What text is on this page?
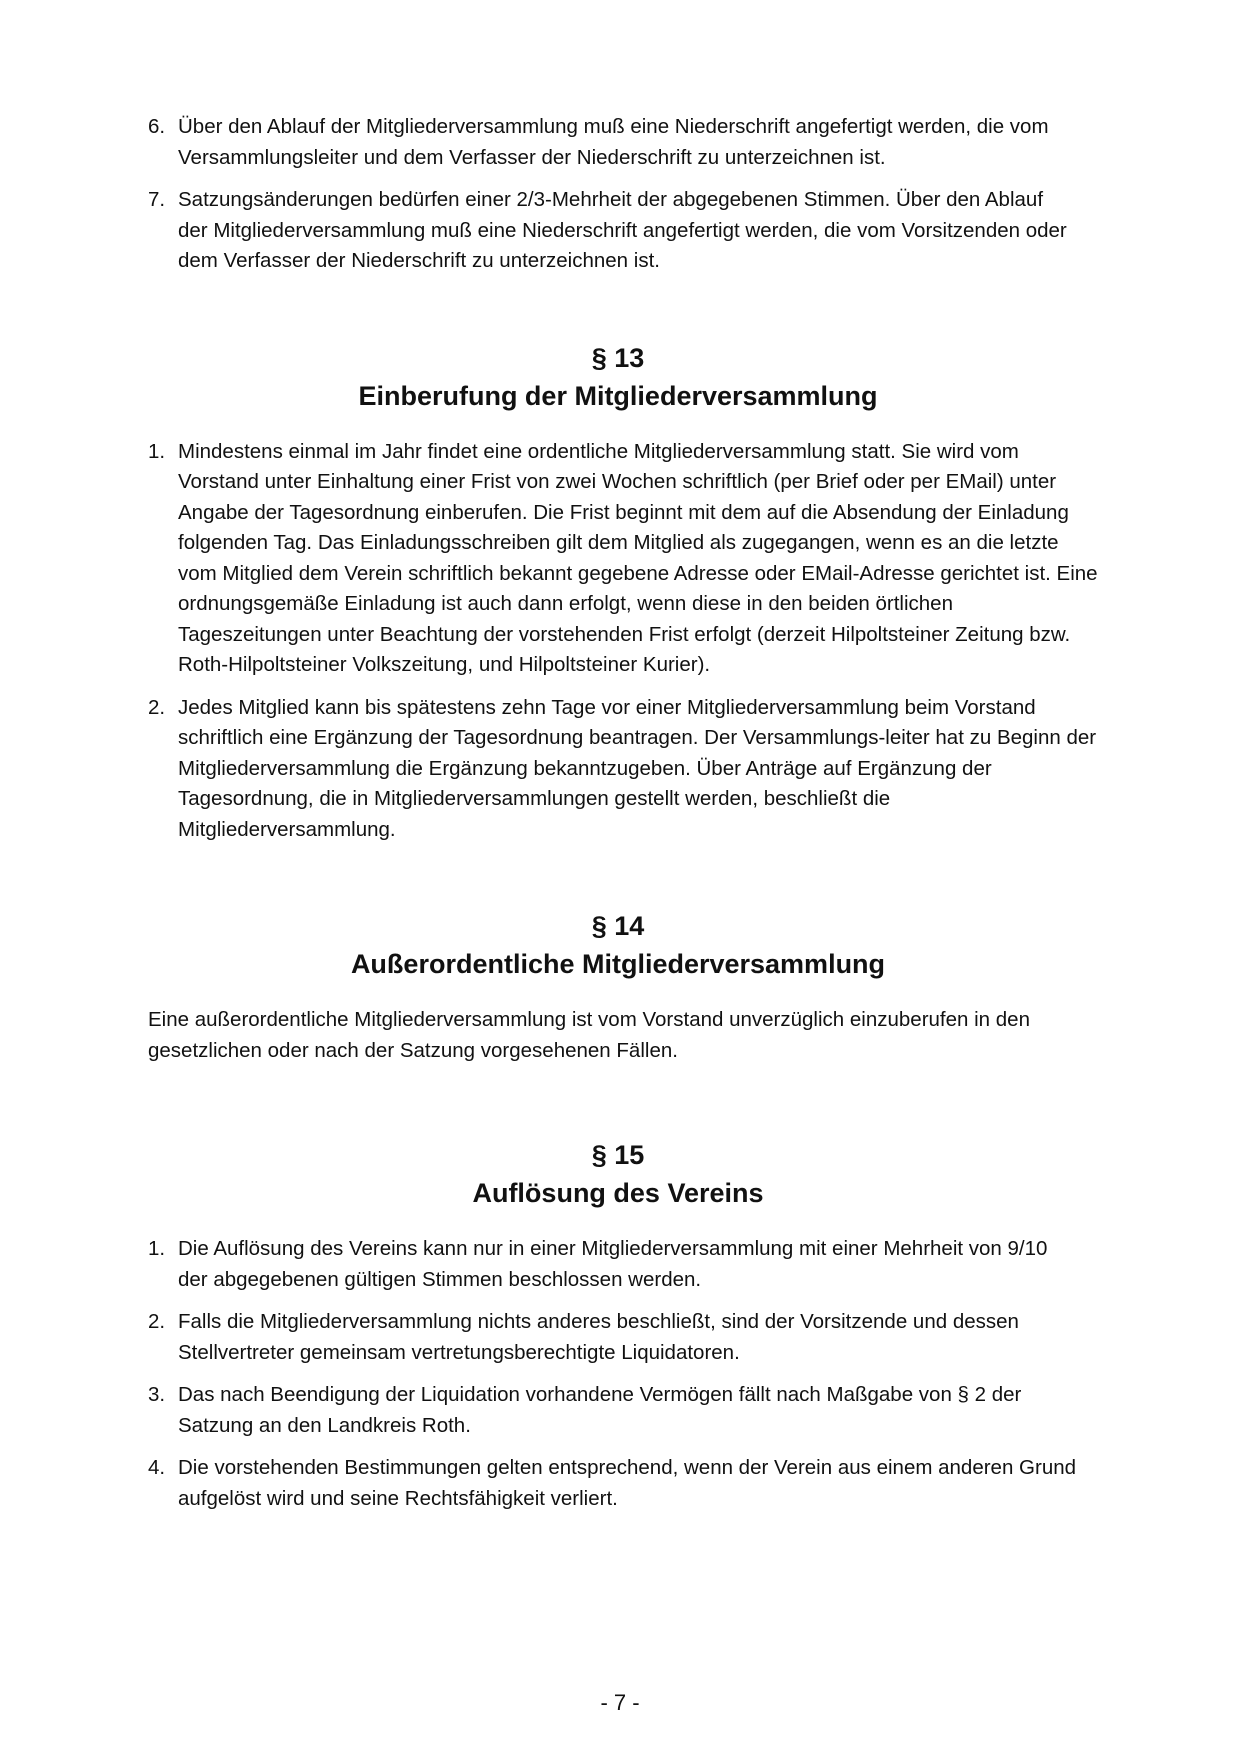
6. Über den Ablauf der Mitgliederversammlung muß eine Niederschrift angefertigt werden, die vom Versammlungsleiter und dem Verfasser der Niederschrift zu unterzeichnen ist.
7. Satzungsänderungen bedürfen einer 2/3-Mehrheit der abgegebenen Stimmen. Über den Ablauf der Mitgliederversammlung muß eine Niederschrift angefertigt werden, die vom Vorsitzenden oder dem Verfasser der Niederschrift zu unterzeichnen ist.
§ 13
Einberufung der Mitgliederversammlung
1. Mindestens einmal im Jahr findet eine ordentliche Mitgliederversammlung statt. Sie wird vom Vorstand unter Einhaltung einer Frist von zwei Wochen schriftlich (per Brief oder per EMail) unter Angabe der Tagesordnung einberufen. Die Frist beginnt mit dem auf die Absendung der Einladung folgenden Tag. Das Einladungsschreiben gilt dem Mitglied als zugegangen, wenn es an die letzte vom Mitglied dem Verein schriftlich bekannt gegebene Adresse oder EMail-Adresse gerichtet ist. Eine ordnungsgemäße Einladung ist auch dann erfolgt, wenn diese in den beiden örtlichen Tageszeitungen unter Beachtung der vorstehenden Frist erfolgt (derzeit Hilpoltsteiner Zeitung bzw. Roth-Hilpoltsteiner Volkszeitung, und Hilpoltsteiner Kurier).
2. Jedes Mitglied kann bis spätestens zehn Tage vor einer Mitgliederversammlung beim Vorstand schriftlich eine Ergänzung der Tagesordnung beantragen. Der Versammlungs-leiter hat zu Beginn der Mitgliederversammlung die Ergänzung bekanntzugeben. Über Anträge auf Ergänzung der Tagesordnung, die in Mitgliederversammlungen gestellt werden, beschließt die Mitgliederversammlung.
§ 14
Außerordentliche Mitgliederversammlung

Eine außerordentliche Mitgliederversammlung ist vom Vorstand unverzüglich einzuberufen in den gesetzlichen oder nach der Satzung vorgesehenen Fällen.

§ 15
Auflösung des Vereins
1. Die Auflösung des Vereins kann nur in einer Mitgliederversammlung mit einer Mehrheit von 9/10 der abgegebenen gültigen Stimmen beschlossen werden.
2. Falls die Mitgliederversammlung nichts anderes beschließt, sind der Vorsitzende und dessen Stellvertreter gemeinsam vertretungsberechtigte Liquidatoren.
3. Das nach Beendigung der Liquidation vorhandene Vermögen fällt nach Maßgabe von § 2 der Satzung an den Landkreis Roth.
4. Die vorstehenden Bestimmungen gelten entsprechend, wenn der Verein aus einem anderen Grund aufgelöst wird und seine Rechtsfähigkeit verliert.
- 7 -
